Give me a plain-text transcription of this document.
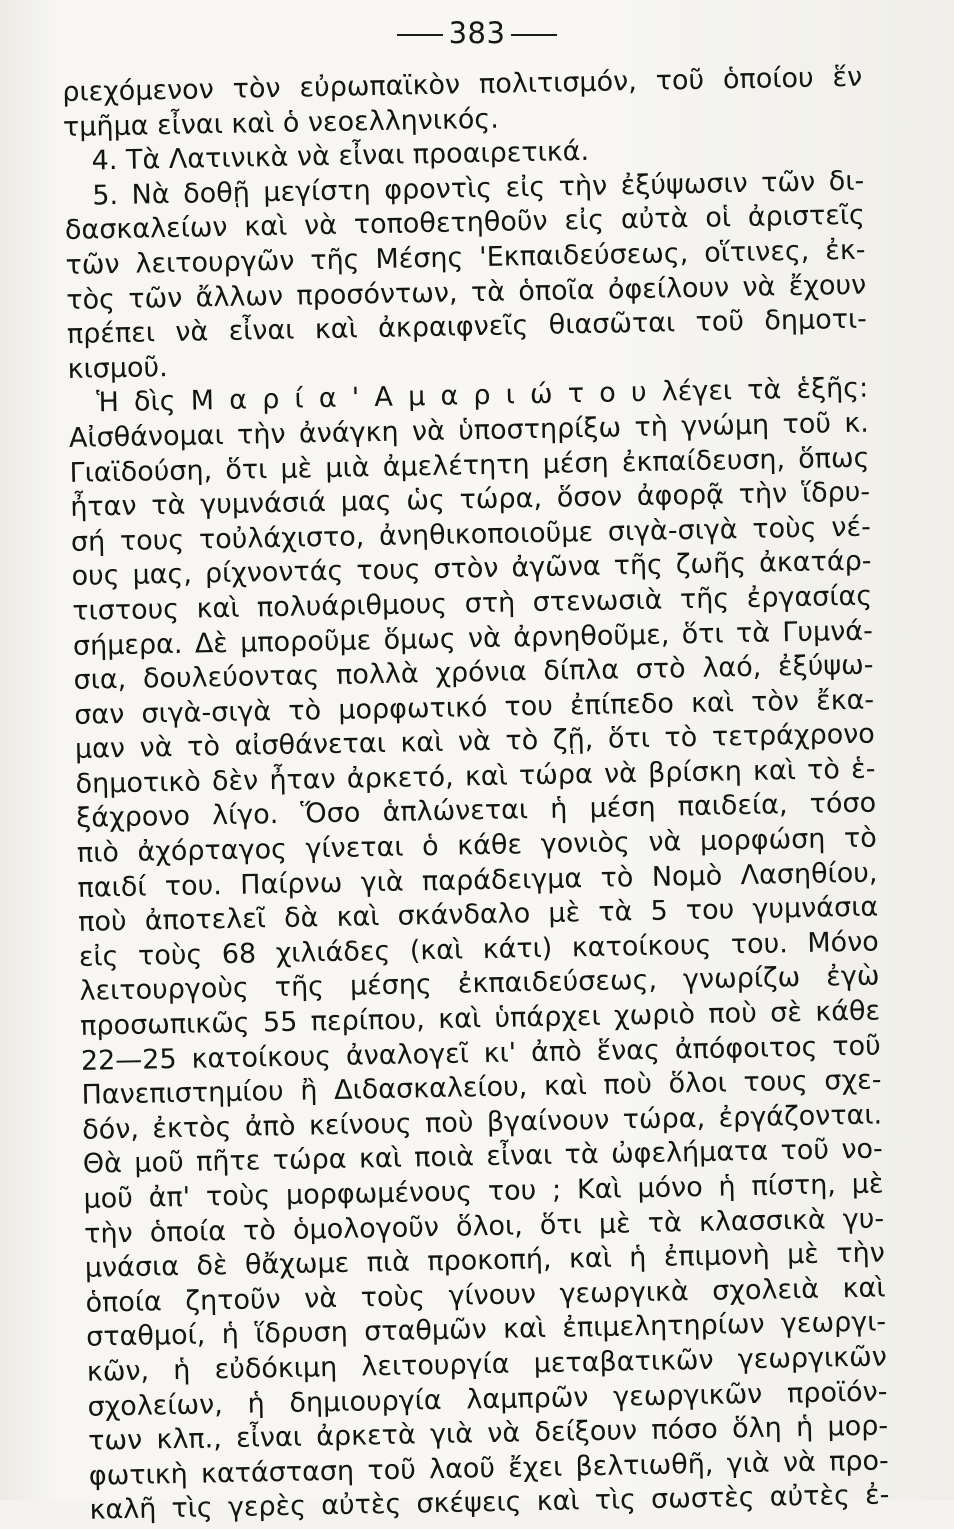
383
ριεχόμενον τὸν εὐρωπαϊκὸν πολιτισμόν, τοῦ ὁποίου ἕν
τμῆμα εἶναι καὶ ὁ νεοελληνικός.
4. Τὰ Λατινικὰ νὰ εἶναι προαιρετικά.
5. Νὰ δοθῇ μεγίστη φροντὶς εἰς τὴν ἐξύψωσιν τῶν δι-
δασκαλείων καὶ νὰ τοποθετηθοῦν εἰς αὐτὰ οἱ ἀριστεῖς
τῶν λειτουργῶν τῆς Μέσης 'Εκπαιδεύσεως, οἵτινες, ἐκ-
τὸς τῶν ἄλλων προσόντων, τὰ ὁποῖα ὀφείλουν νὰ ἔχουν
πρέπει νὰ εἶναι καὶ ἀκραιφνεῖς θιασῶται τοῦ δημοτι-
κισμοῦ.
Ἡ δὶς Μ α ρ ί α ' Α μ α ρ ι ώ τ ο υ λέγει τὰ ἑξῆς:
Αἰσθάνομαι τὴν ἀνάγκη νὰ ὑποστηρίξω τὴ γνώμη τοῦ κ.
Γιαϊδούση, ὅτι μὲ μιὰ ἀμελέτητη μέση ἐκπαίδευση, ὅπως
ἦταν τὰ γυμνάσιά μας ὡς τώρα, ὅσον ἀφορᾷ τὴν ἵδρυ-
σή τους τοὐλάχιστο, ἀνηθικοποιοῦμε σιγὰ-σιγὰ τοὺς νέ-
ους μας, ρίχνοντάς τους στὸν ἀγῶνα τῆς ζωῆς ἀκατάρ-
τιστους καὶ πολυάριθμους στὴ στενωσιὰ τῆς ἐργασίας
σήμερα. Δὲ μποροῦμε ὅμως νὰ ἀρνηθοῦμε, ὅτι τὰ Γυμνά-
σια, δουλεύοντας πολλὰ χρόνια δίπλα στὸ λαό, ἐξύψω-
σαν σιγὰ-σιγὰ τὸ μορφωτικό του ἐπίπεδο καὶ τὸν ἔκα-
μαν νὰ τὸ αἰσθάνεται καὶ νὰ τὸ ζῇ, ὅτι τὸ τετράχρονο
δημοτικὸ δὲν ἦταν ἀρκετό, καὶ τώρα νὰ βρίσκη καὶ τὸ ἑ-
ξάχρονο λίγο. Ὅσο ἁπλώνεται ἡ μέση παιδεία, τόσο
πιὸ ἀχόρταγος γίνεται ὁ κάθε γονιὸς νὰ μορφώση τὸ
παιδί του. Παίρνω γιὰ παράδειγμα τὸ Νομὸ Λασηθίου,
ποὺ ἀποτελεῖ δὰ καὶ σκάνδαλο μὲ τὰ 5 του γυμνάσια
εἰς τοὺς 68 χιλιάδες (καὶ κάτι) κατοίκους του. Μόνο
λειτουργοὺς τῆς μέσης ἐκπαιδεύσεως, γνωρίζω ἐγὼ
προσωπικῶς 55 περίπου, καὶ ὑπάρχει χωριὸ ποὺ σὲ κάθε
22—25 κατοίκους ἀναλογεῖ κι' ἀπὸ ἕνας ἀπόφοιτος τοῦ
Πανεπιστημίου ἢ Διδασκαλείου, καὶ ποὺ ὅλοι τους σχε-
δόν, ἐκτὸς ἀπὸ κείνους ποὺ βγαίνουν τώρα, ἐργάζονται.
Θὰ μοῦ πῆτε τώρα καὶ ποιὰ εἶναι τὰ ὠφελήματα τοῦ νο-
μοῦ ἀπ' τοὺς μορφωμένους του ; Καὶ μόνο ἡ πίστη, μὲ
τὴν ὁποία τὸ ὁμολογοῦν ὅλοι, ὅτι μὲ τὰ κλασσικὰ γυ-
μνάσια δὲ θἄχωμε πιὰ προκοπή, καὶ ἡ ἐπιμονὴ μὲ τὴν
ὁποία ζητοῦν νὰ τοὺς γίνουν γεωργικὰ σχολειὰ καὶ
σταθμοί, ἡ ἵδρυση σταθμῶν καὶ ἐπιμελητηρίων γεωργι-
κῶν, ἡ εὐδόκιμη λειτουργία μεταβατικῶν γεωργικῶν
σχολείων, ἡ δημιουργία λαμπρῶν γεωργικῶν προϊόν-
των κλπ., εἶναι ἀρκετὰ γιὰ νὰ δείξουν πόσο ὅλη ἡ μορ-
φωτικὴ κατάσταση τοῦ λαοῦ ἔχει βελτιωθῆ, γιὰ νὰ προ-
καλῆ τὶς γερὲς αὐτὲς σκέψεις καὶ τὶς σωστὲς αὐτὲς ἐ-
